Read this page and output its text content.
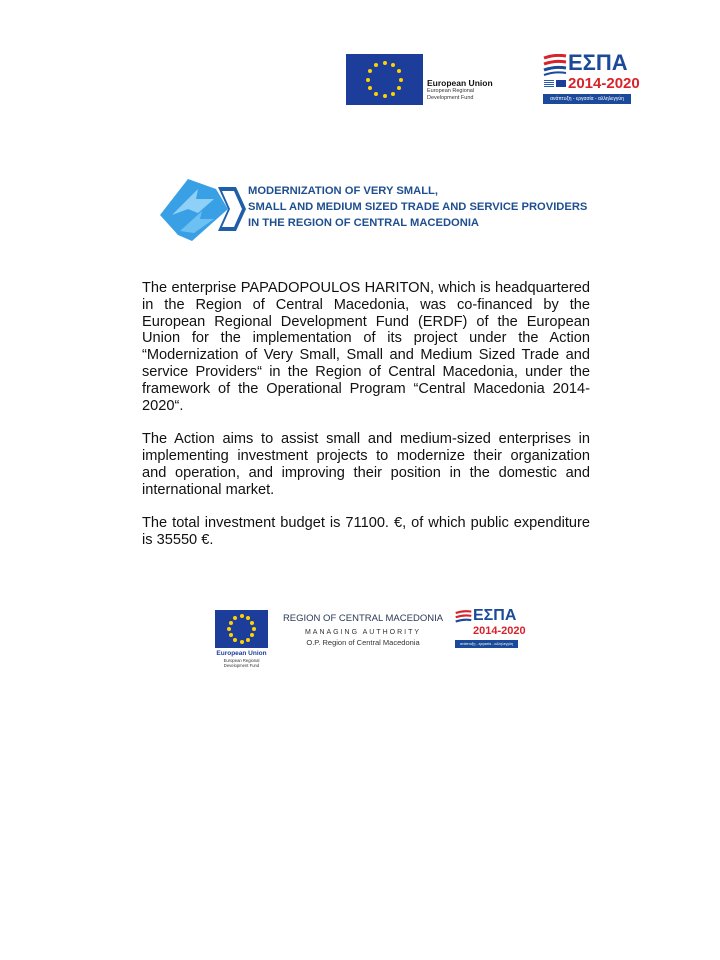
European Union
European Regional
Development Fund
ΕΣΠΑ
2014-2020
ανάπτυξη - εργασία - αλληλεγγύη
MODERNIZATION OF VERY SMALL,
SMALL AND MEDIUM SIZED TRADE AND SERVICE PROVIDERS
IN THE REGION OF CENTRAL MACEDONIA

The enterprise PAPADOPOULOS HARITON, which is headquartered in the Region of Central Macedonia, was co-financed by the European Regional Development Fund (ERDF) of the European Union for the implementation of its project under the Action “Modernization of Very Small, Small and Medium Sized Trade and service Providers“ in the Region of Central Macedonia, under the framework of the Operational Program “Central Macedonia 2014-2020“.

The Action aims to assist small and medium-sized enterprises in implementing investment projects to modernize their organization and operation, and improving their position in the domestic and international market.

The total investment budget is 71100. €, of which public expenditure is 35550 €.

European Union
European Regional
Development Fund
REGION OF CENTRAL MACEDONIA
MANAGING AUTHORITY
O.P. Region of Central Macedonia
ΕΣΠΑ
2014-2020
ανάπτυξη - εργασία - αλληλεγγύη
